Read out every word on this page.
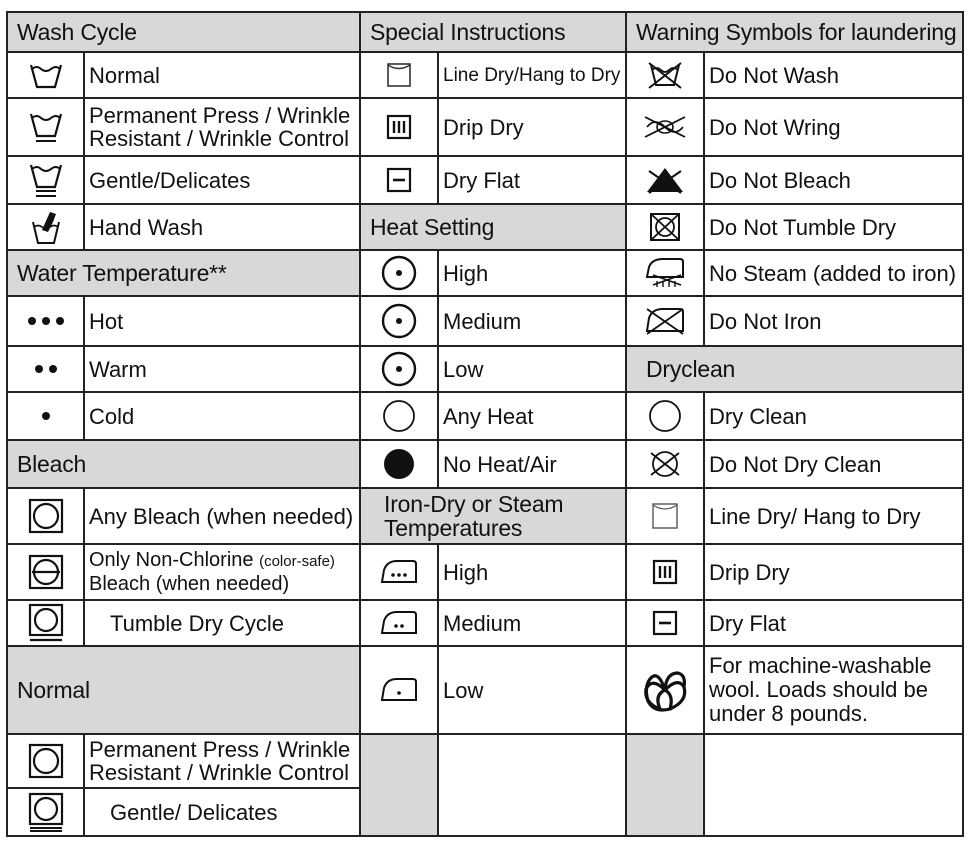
Wash Cycle
Normal
Permanent Press / Wrinkle
Resistant / Wrinkle Control
Gentle/Delicates
Hand Wash
Water Temperature**
Hot
Warm
Cold
Bleach
Any Bleach (when needed)
Only Non-Chlorine (color-safe)
Bleach (when needed)
Tumble Dry Cycle
Normal
Permanent Press / Wrinkle
Resistant / Wrinkle Control
Gentle/ Delicates
Special Instructions
Line Dry/Hang to Dry
Drip Dry
Dry Flat
Heat Setting
High
Medium
Low
Any Heat
No Heat/Air
Iron-Dry or Steam
Temperatures
High
Medium
Low
Warning Symbols for laundering
Do Not Wash
Do Not Wring
Do Not Bleach
Do Not Tumble Dry
No Steam (added to iron)
Do Not Iron
Dryclean
Dry Clean
Do Not Dry Clean
Line Dry/ Hang to Dry
Drip Dry
Dry Flat
For machine-washable
wool. Loads should be
under 8 pounds.
